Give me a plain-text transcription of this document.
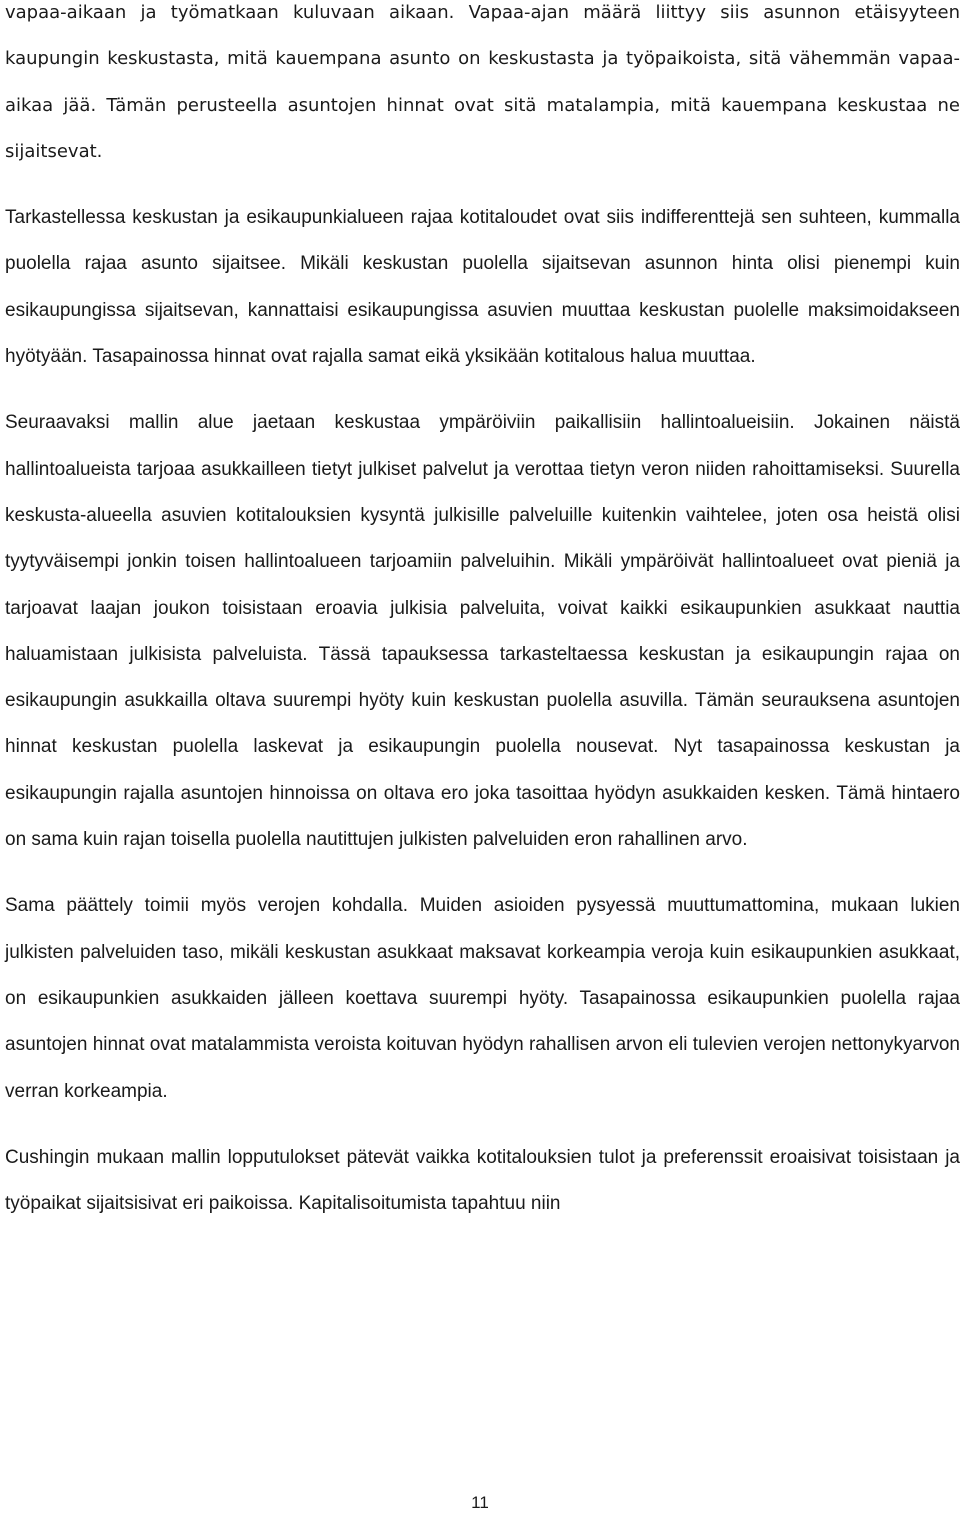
vapaa-aikaan ja työmatkaan kuluvaan aikaan. Vapaa-ajan määrä liittyy siis asunnon etäisyyteen kaupungin keskustasta, mitä kauempana asunto on keskustasta ja työpaikoista, sitä vähemmän vapaa-aikaa jää. Tämän perusteella asuntojen hinnat ovat sitä matalampia, mitä kauempana keskustaa ne sijaitsevat.

Tarkastellessa keskustan ja esikaupunkialueen rajaa kotitaloudet ovat siis indifferenttejä sen suhteen, kummalla puolella rajaa asunto sijaitsee. Mikäli keskustan puolella sijaitsevan asunnon hinta olisi pienempi kuin esikaupungissa sijaitsevan, kannattaisi esikaupungissa asuvien muuttaa keskustan puolelle maksimoidakseen hyötyään. Tasapainossa hinnat ovat rajalla samat eikä yksikään kotitalous halua muuttaa.

Seuraavaksi mallin alue jaetaan keskustaa ympäröiviin paikallisiin hallintoalueisiin. Jokainen näistä hallintoalueista tarjoaa asukkailleen tietyt julkiset palvelut ja verottaa tietyn veron niiden rahoittamiseksi. Suurella keskusta-alueella asuvien kotitalouksien kysyntä julkisille palveluille kuitenkin vaihtelee, joten osa heistä olisi tyytyväisempi jonkin toisen hallintoalueen tarjoamiin palveluihin. Mikäli ympäröivät hallintoalueet ovat pieniä ja tarjoavat laajan joukon toisistaan eroavia julkisia palveluita, voivat kaikki esikaupunkien asukkaat nauttia haluamistaan julkisista palveluista. Tässä tapauksessa tarkasteltaessa keskustan ja esikaupungin rajaa on esikaupungin asukkailla oltava suurempi hyöty kuin keskustan puolella asuvilla. Tämän seurauksena asuntojen hinnat keskustan puolella laskevat ja esikaupungin puolella nousevat. Nyt tasapainossa keskustan ja esikaupungin rajalla asuntojen hinnoissa on oltava ero joka tasoittaa hyödyn asukkaiden kesken. Tämä hintaero on sama kuin rajan toisella puolella nautittujen julkisten palveluiden eron rahallinen arvo.

Sama päättely toimii myös verojen kohdalla. Muiden asioiden pysyessä muuttumattomina, mukaan lukien julkisten palveluiden taso, mikäli keskustan asukkaat maksavat korkeampia veroja kuin esikaupunkien asukkaat, on esikaupunkien asukkaiden jälleen koettava suurempi hyöty. Tasapainossa esikaupunkien puolella rajaa asuntojen hinnat ovat matalammista veroista koituvan hyödyn rahallisen arvon eli tulevien verojen nettonykyarvon verran korkeampia.

Cushingin mukaan mallin lopputulokset pätevät vaikka kotitalouksien tulot ja preferenssit eroaisivat toisistaan ja työpaikat sijaitsisivat eri paikoissa. Kapitalisoitumista tapahtuu niin

11
